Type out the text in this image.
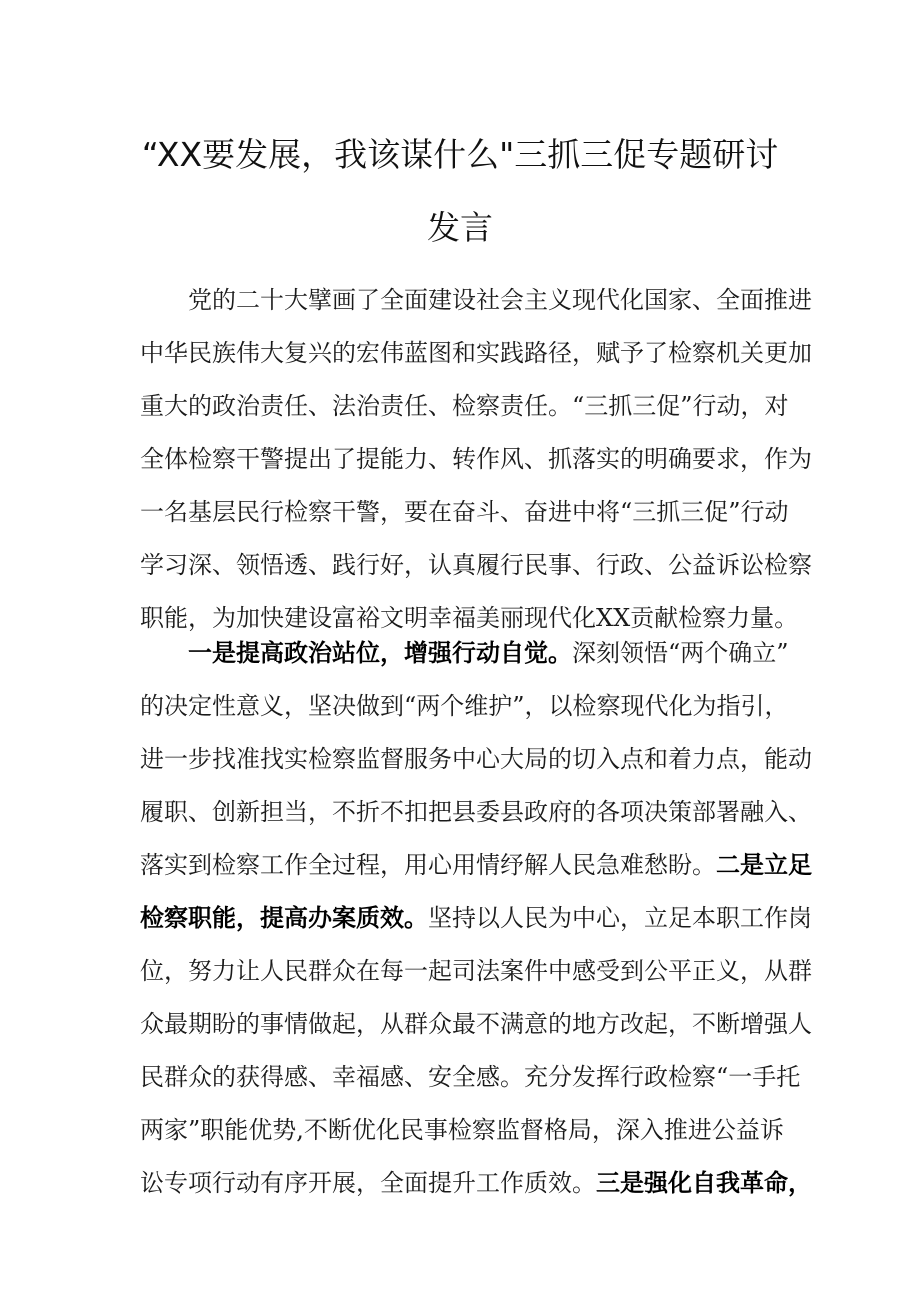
“XX要发展，我该谋什么"三抓三促专题研讨
发言
党的二十大擘画了全面建设社会主义现代化国家、全面推进
中华民族伟大复兴的宏伟蓝图和实践路径，赋予了检察机关更加
重大的政治责任、法治责任、检察责任。“三抓三促”行动，对
全体检察干警提出了提能力、转作风、抓落实的明确要求，作为
一名基层民行检察干警，要在奋斗、奋进中将“三抓三促”行动
学习深、领悟透、践行好，认真履行民事、行政、公益诉讼检察
职能，为加快建设富裕文明幸福美丽现代化XX贡献检察力量。
一是提高政治站位，增强行动自觉。深刻领悟“两个确立”
的决定性意义，坚决做到“两个维护”，以检察现代化为指引，
进一步找准找实检察监督服务中心大局的切入点和着力点，能动
履职、创新担当，不折不扣把县委县政府的各项决策部署融入、
落实到检察工作全过程，用心用情纾解人民急难愁盼。二是立足
检察职能，提高办案质效。坚持以人民为中心，立足本职工作岗
位，努力让人民群众在每一起司法案件中感受到公平正义，从群
众最期盼的事情做起，从群众最不满意的地方改起，不断增强人
民群众的获得感、幸福感、安全感。充分发挥行政检察“一手托
两家”职能优势,不断优化民事检察监督格局，深入推进公益诉
讼专项行动有序开展，全面提升工作质效。三是强化自我革命，
